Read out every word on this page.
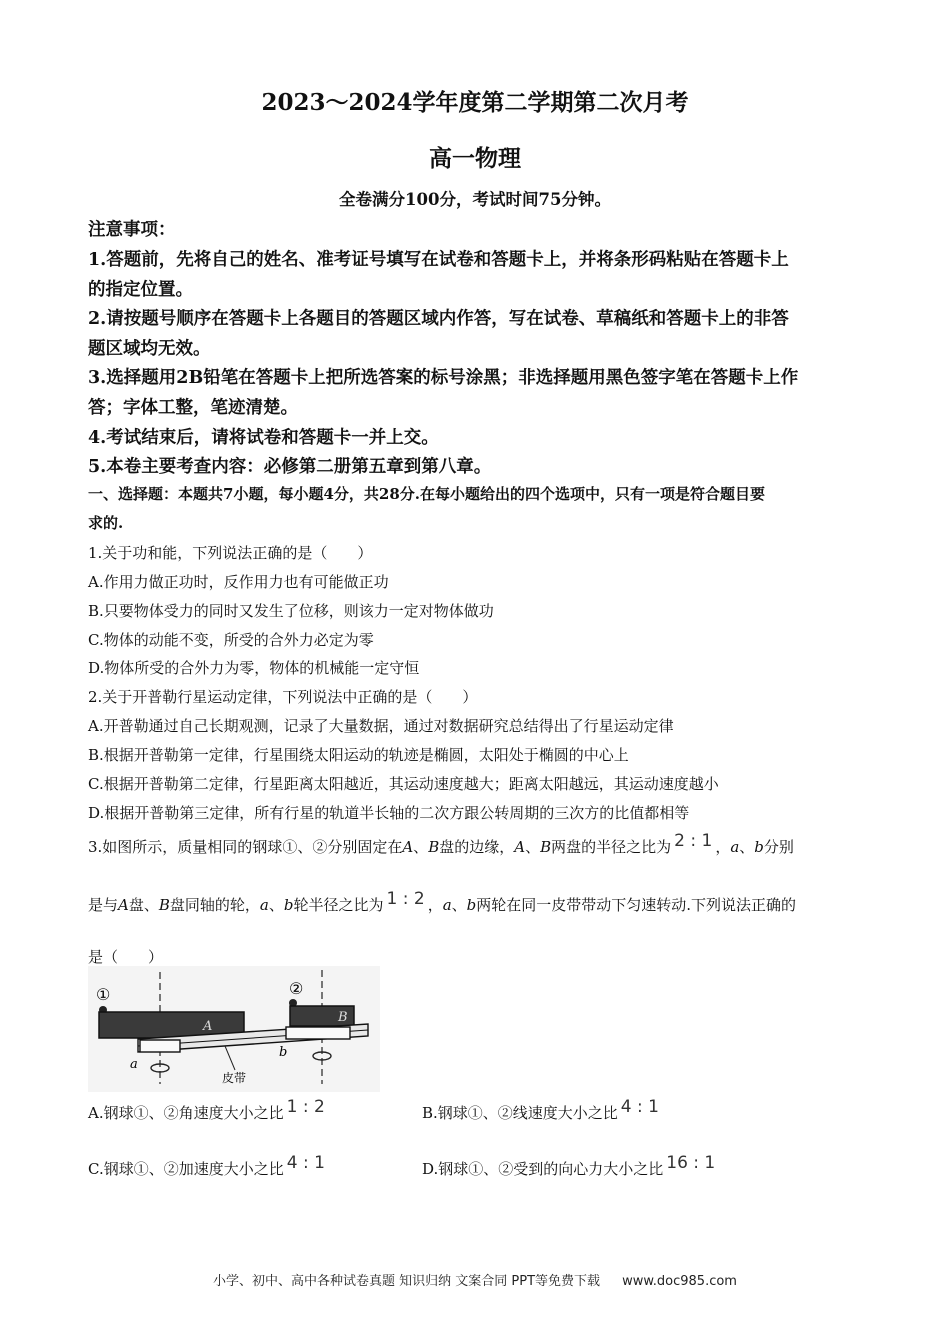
2023～2024学年度第二学期第二次月考
高一物理
全卷满分100分，考试时间75分钟。
注意事项：
1.答题前，先将自己的姓名、准考证号填写在试卷和答题卡上，并将条形码粘贴在答题卡上
的指定位置。
2.请按题号顺序在答题卡上各题目的答题区域内作答，写在试卷、草稿纸和答题卡上的非答
题区域均无效。
3.选择题用2B铅笔在答题卡上把所选答案的标号涂黑；非选择题用黑色签字笔在答题卡上作
答；字体工整，笔迹清楚。
4.考试结束后，请将试卷和答题卡一并上交。
5.本卷主要考查内容：必修第二册第五章到第八章。
一、选择题：本题共7小题，每小题4分，共28分.在每小题给出的四个选项中，只有一项是符合题目要
求的.
1.关于功和能，下列说法正确的是（　　）
A.作用力做正功时，反作用力也有可能做正功
B.只要物体受力的同时又发生了位移，则该力一定对物体做功
C.物体的动能不变，所受的合外力必定为零
D.物体所受的合外力为零，物体的机械能一定守恒
2.关于开普勒行星运动定律，下列说法中正确的是（　　）
A.开普勒通过自己长期观测，记录了大量数据，通过对数据研究总结得出了行星运动定律
B.根据开普勒第一定律，行星围绕太阳运动的轨迹是椭圆，太阳处于椭圆的中心上
C.根据开普勒第二定律，行星距离太阳越近，其运动速度越大；距离太阳越远，其运动速度越小
D.根据开普勒第三定律，所有行星的轨道半长轴的二次方跟公转周期的三次方的比值都相等
3.如图所示，质量相同的钢球①、②分别固定在A、B盘的边缘，A、B两盘的半径之比为 2 : 1 ，a、b分别
是与A盘、B盘同轴的轮，a、b轮半径之比为 1 : 2 ，a、b两轮在同一皮带带动下匀速转动.下列说法正确的
是（　　）
①	②
A
B
a
b
皮带
A.钢球①、②角速度大小之比 1 : 2	B.钢球①、②线速度大小之比 4 : 1
C.钢球①、②加速度大小之比 4 : 1	D.钢球①、②受到的向心力大小之比 16 : 1
小学、初中、高中各种试卷真题 知识归纳 文案合同 PPT等免费下载 www.doc985.com
